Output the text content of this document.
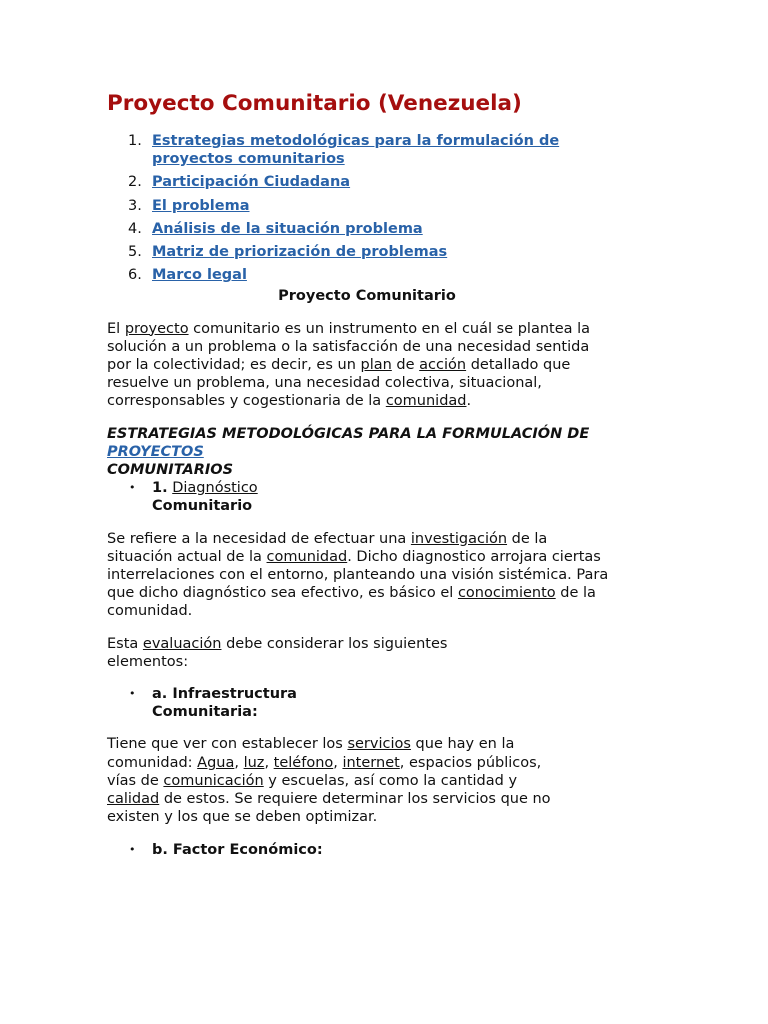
Proyecto Comunitario (Venezuela)
1. Estrategias metodológicas para la formulación de proyectos comunitarios
2. Participación Ciudadana
3. El problema
4. Análisis de la situación problema
5. Matriz de priorización de problemas
6. Marco legal
Proyecto Comunitario

El proyecto comunitario es un instrumento en el cuál se plantea la solución a un problema o la satisfacción de una necesidad sentida por la colectividad; es decir, es un plan de acción detallado que resuelve un problema, una necesidad colectiva, situacional, corresponsables y cogestionaria de la comunidad.

ESTRATEGIAS METODOLÓGICAS PARA LA FORMULACIÓN DE PROYECTOS
COMUNITARIOS
• 1. Diagnóstico
Comunitario

Se refiere a la necesidad de efectuar una investigación de la situación actual de la comunidad. Dicho diagnostico arrojara ciertas interrelaciones con el entorno, planteando una visión sistémica. Para que dicho diagnóstico sea efectivo, es básico el conocimiento de la comunidad.

Esta evaluación debe considerar los siguientes elementos:

• a. Infraestructura Comunitaria:

Tiene que ver con establecer los servicios que hay en la comunidad: Agua, luz, teléfono, internet, espacios públicos, vías de comunicación y escuelas, así como la cantidad y calidad de estos. Se requiere determinar los servicios que no existen y los que se deben optimizar.

• b. Factor Económico:
